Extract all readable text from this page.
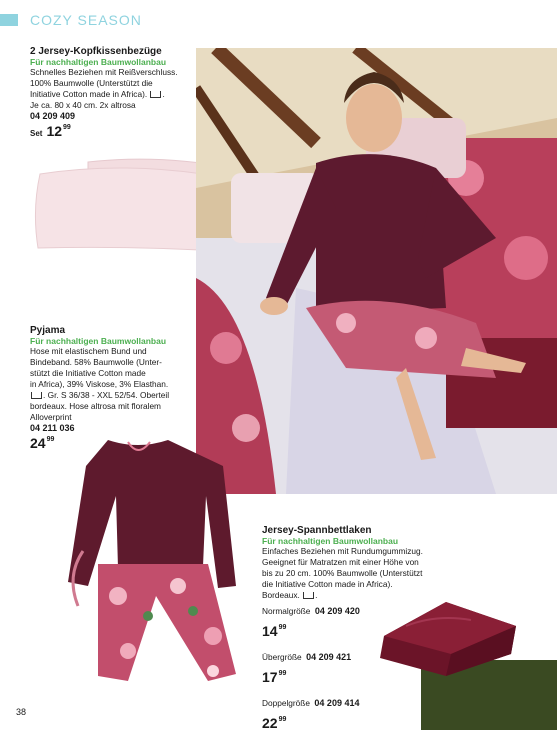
COZY SEASON
2 Jersey-Kopfkissenbezüge
Für nachhaltigen Baumwollanbau
Schnelles Beziehen mit Reißverschluss.
100% Baumwolle (Unterstützt die
Initiative Cotton made in Africa). .
Je ca. 80 x 40 cm. 2x altrosa
04 209 409
Set $12^{99}$
Pyjama
Für nachhaltigen Baumwollanbau
Hose mit elastischem Bund und
Bindeband. 58% Baumwolle (Unter-
stützt die Initiative Cotton made
in Africa), 39% Viskose, 3% Elasthan.
. Gr. S 36/38 - XXL 52/54. Oberteil
bordeaux. Hose altrosa mit floralem
Alloverprint
04 211 036
$24^{99}$
Jersey-Spannbettlaken
Für nachhaltigen Baumwollanbau
Einfaches Beziehen mit Rundumgummizug.
Geeignet für Matratzen mit einer Höhe von
bis zu 20 cm. 100% Baumwolle (Unterstützt
die Initiative Cotton made in Africa).
Bordeaux. .
Normalgröße 04 209 420
$14^{99}$
Übergröße 04 209 421
$17^{99}$
Doppelgröße 04 209 414
$22^{99}$
38
